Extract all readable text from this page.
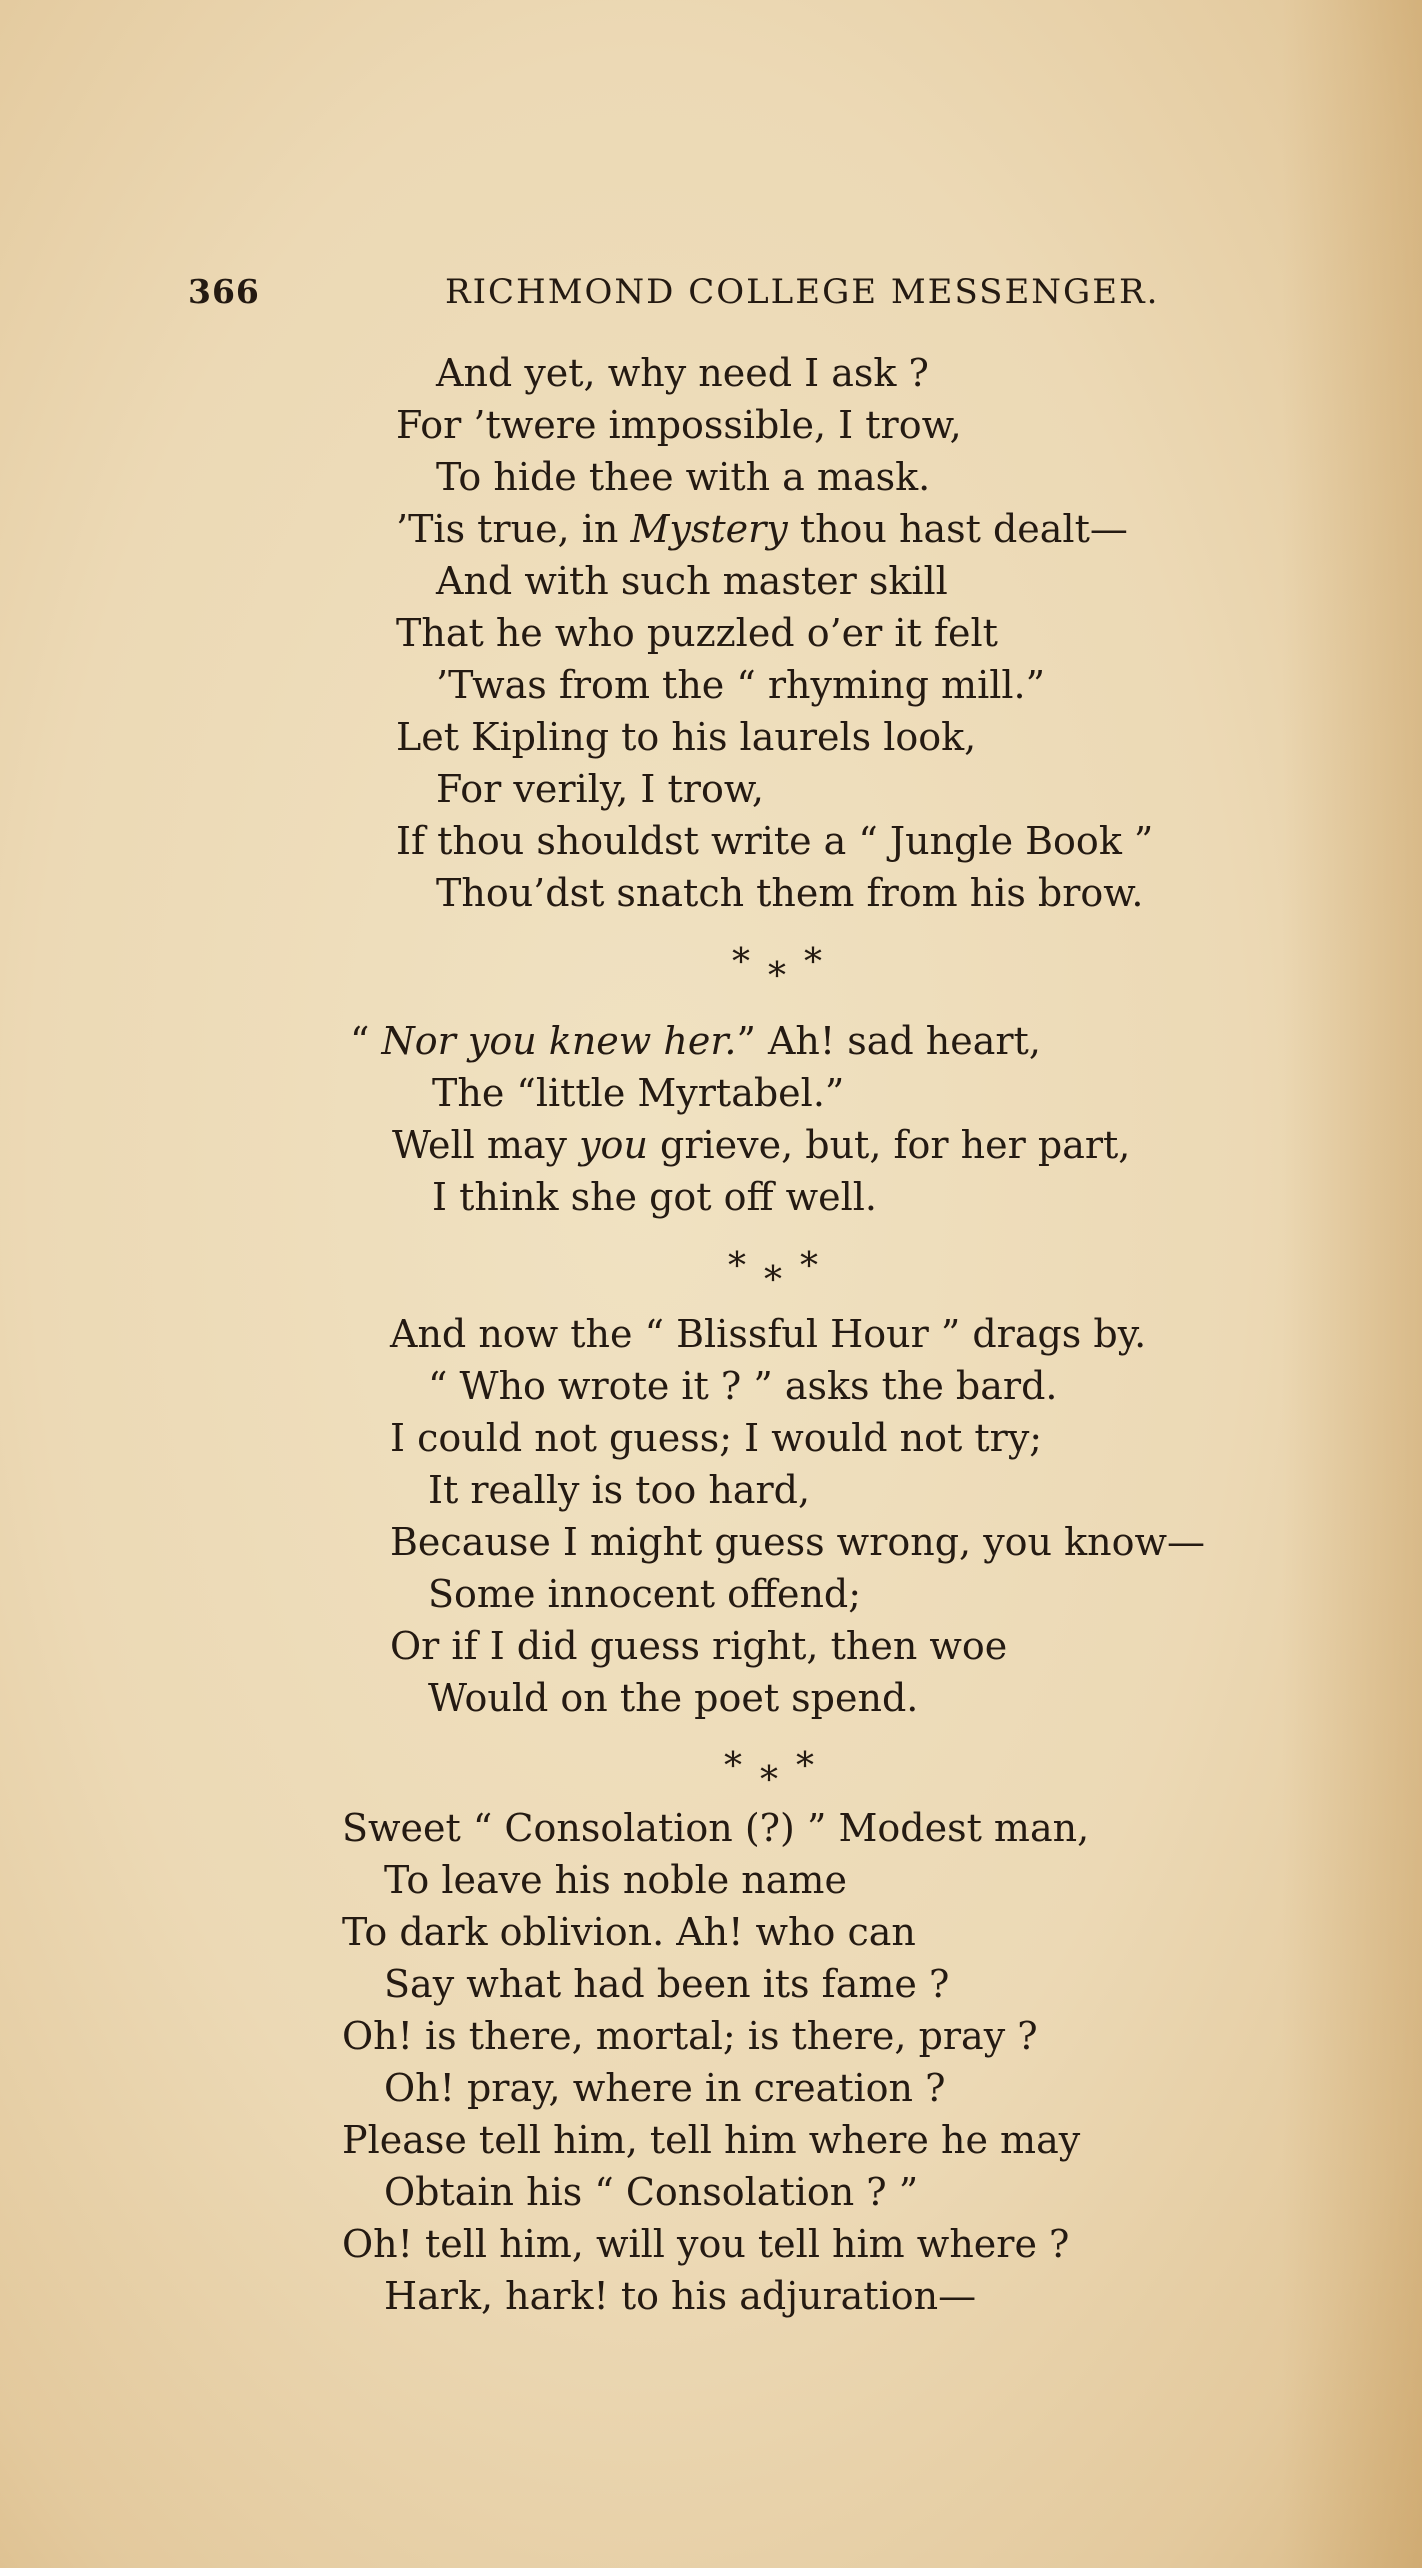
366	RICHMOND COLLEGE MESSENGER.
And yet, why need I ask ?
For ’twere impossible, I trow,
To hide thee with a mask.
’Tis true, in Mystery thou hast dealt—
And with such master skill
That he who puzzled o’er it felt
’Twas from the “ rhyming mill.”
Let Kipling to his laurels look,
For verily, I trow,
If thou shouldst write a “ Jungle Book ”
Thou’dst snatch them from his brow.
***
“ Nor you knew her.” Ah! sad heart,
The “little Myrtabel.”
Well may you grieve, but, for her part,
I think she got off well.
***
And now the “ Blissful Hour ” drags by.
“ Who wrote it ? ” asks the bard.
I could not guess; I would not try;
It really is too hard,
Because I might guess wrong, you know—
Some innocent offend;
Or if I did guess right, then woe
Would on the poet spend.
***
Sweet “ Consolation (?) ” Modest man,
To leave his noble name
To dark oblivion. Ah! who can
Say what had been its fame ?
Oh! is there, mortal; is there, pray ?
Oh! pray, where in creation ?
Please tell him, tell him where he may
Obtain his “ Consolation ? ”
Oh! tell him, will you tell him where ?
Hark, hark! to his adjuration—
